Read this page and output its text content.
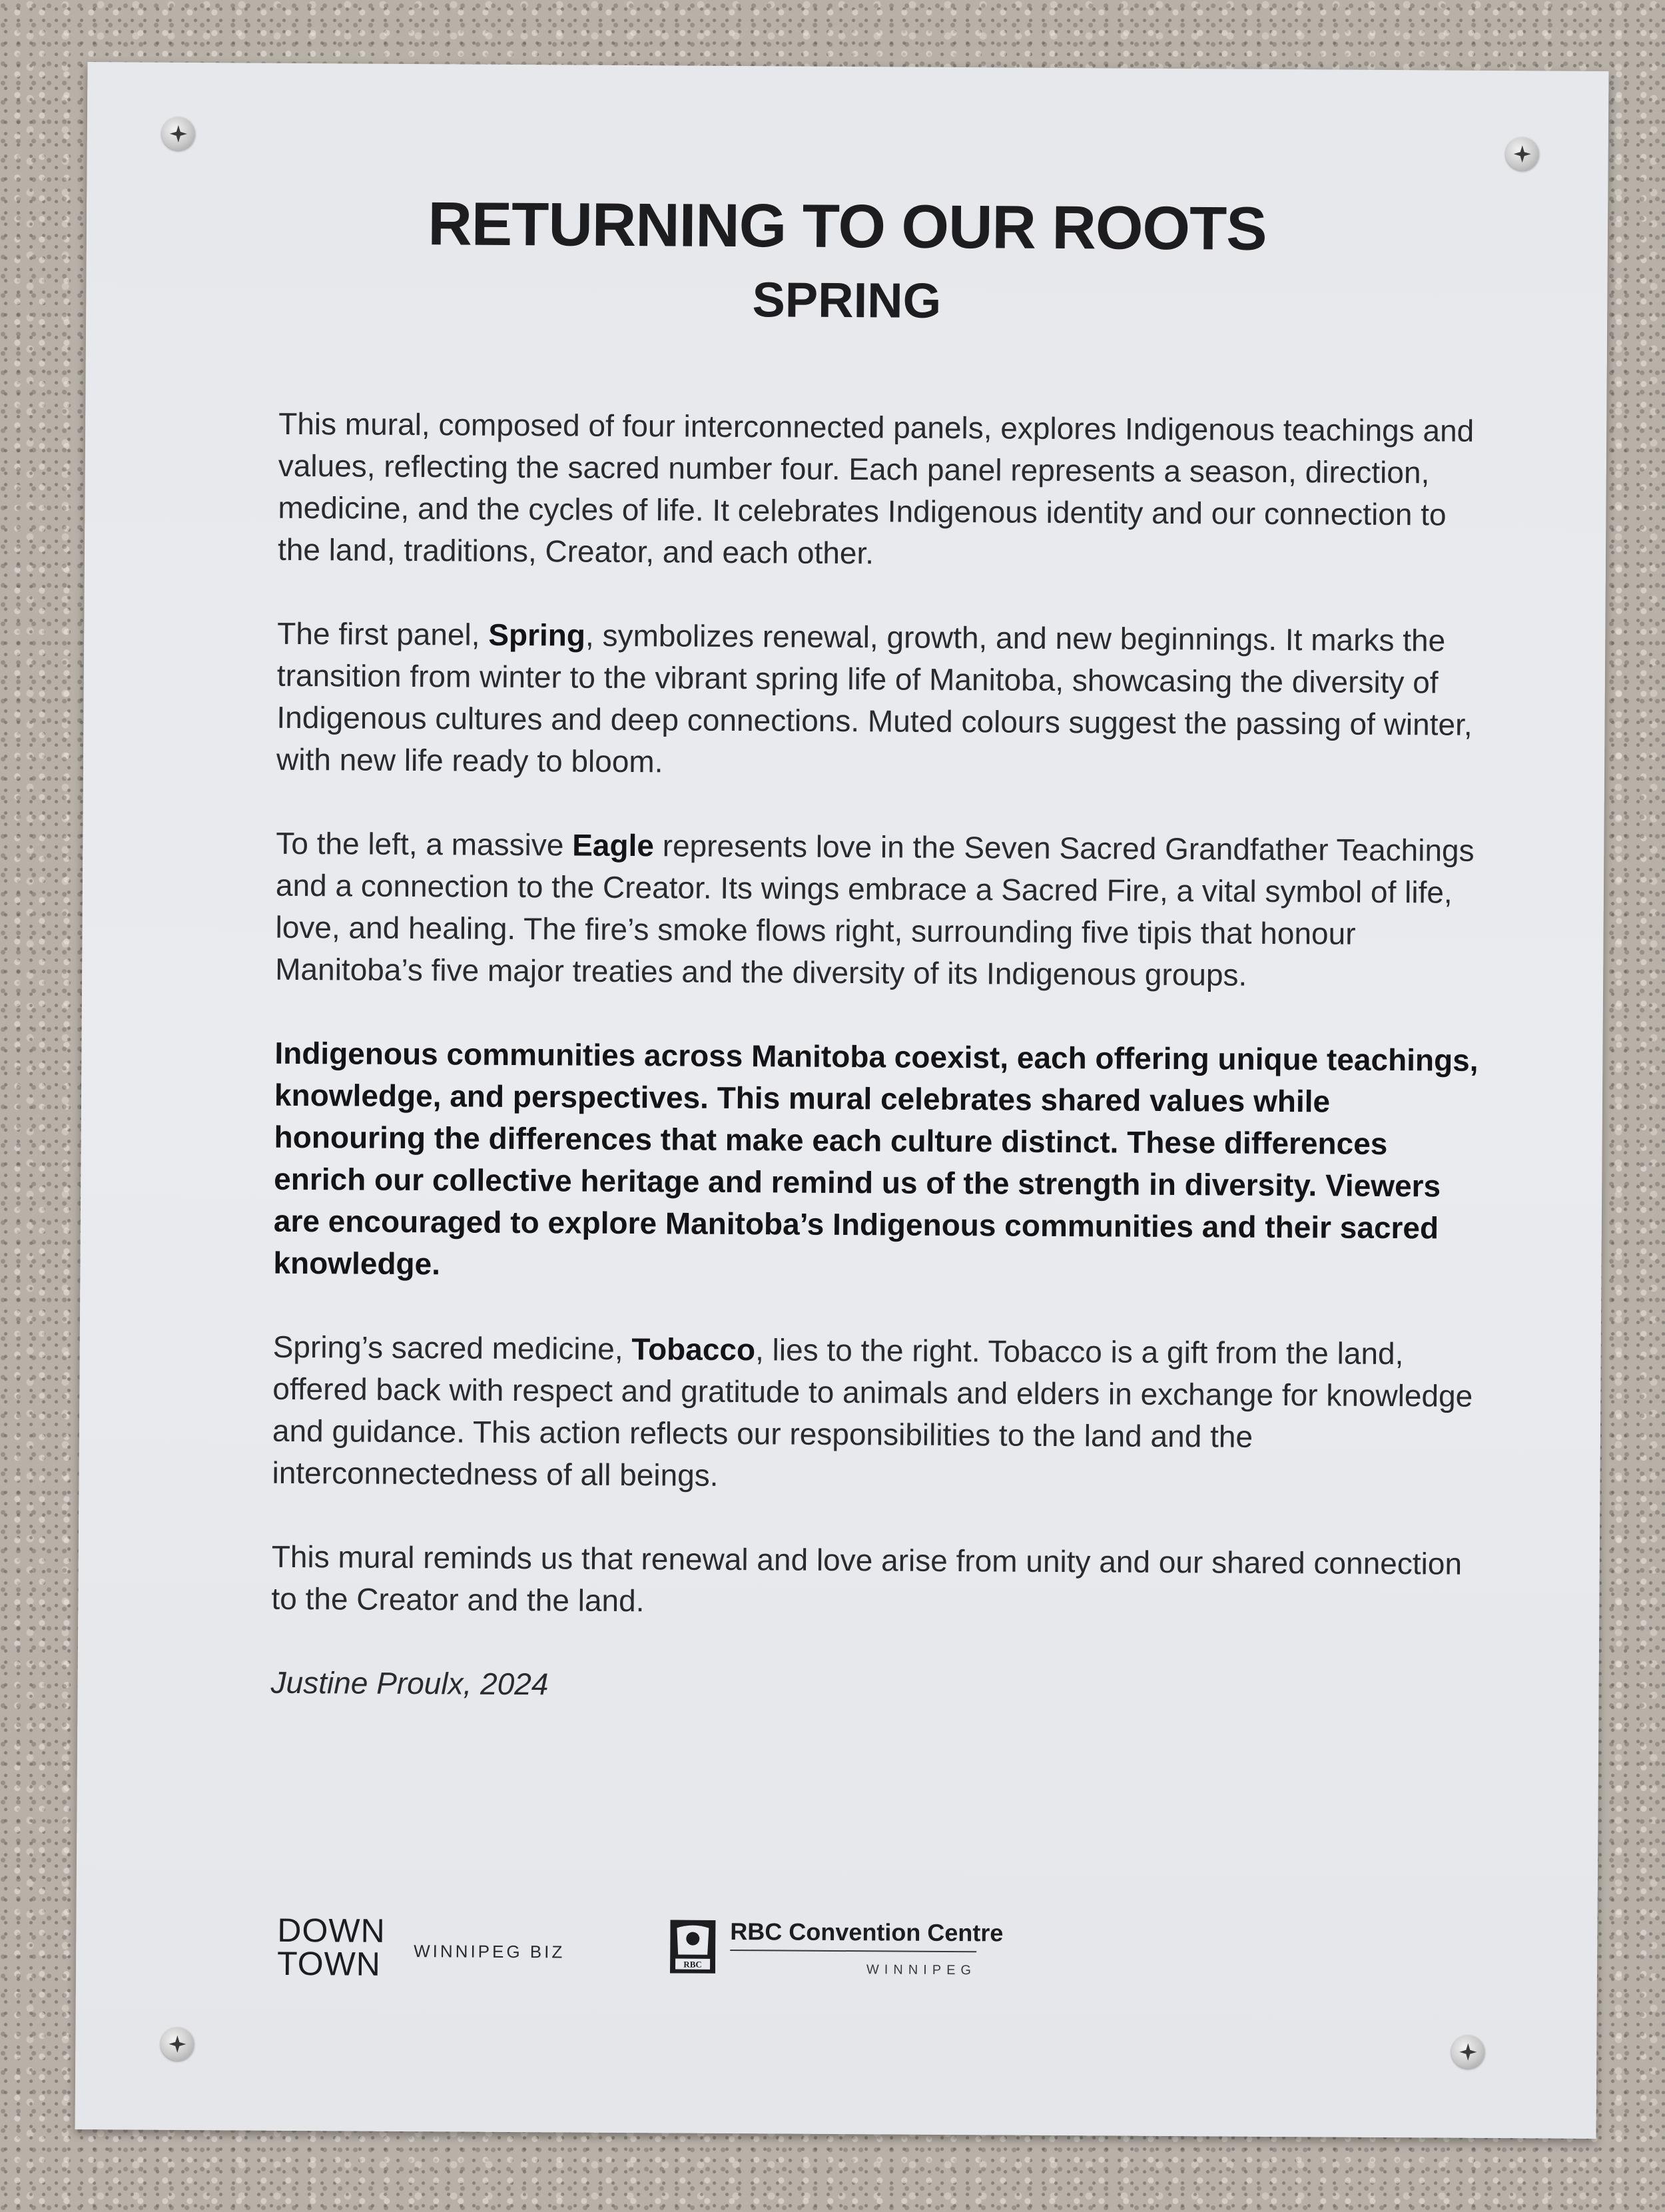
RETURNING TO OUR ROOTS
SPRING

This mural, composed of four interconnected panels, explores Indigenous teachings and values, reflecting the sacred number four. Each panel represents a season, direction, medicine, and the cycles of life. It celebrates Indigenous identity and our connection to the land, traditions, Creator, and each other.

The first panel, Spring, symbolizes renewal, growth, and new beginnings. It marks the transition from winter to the vibrant spring life of Manitoba, showcasing the diversity of Indigenous cultures and deep connections. Muted colours suggest the passing of winter, with new life ready to bloom.

To the left, a massive Eagle represents love in the Seven Sacred Grandfather Teachings and a connection to the Creator. Its wings embrace a Sacred Fire, a vital symbol of life, love, and healing. The fire’s smoke flows right, surrounding five tipis that honour Manitoba’s five major treaties and the diversity of its Indigenous groups.

Indigenous communities across Manitoba coexist, each offering unique teachings, knowledge, and perspectives. This mural celebrates shared values while honouring the differences that make each culture distinct. These differences enrich our collective heritage and remind us of the strength in diversity. Viewers are encouraged to explore Manitoba’s Indigenous communities and their sacred knowledge.

Spring’s sacred medicine, Tobacco, lies to the right. Tobacco is a gift from the land, offered back with respect and gratitude to animals and elders in exchange for knowledge and guidance. This action reflects our responsibilities to the land and the interconnectedness of all beings.

This mural reminds us that renewal and love arise from unity and our shared connection to the Creator and the land.

Justine Proulx, 2024

DOWN
TOWN WINNIPEG BIZ
RBC
RBC Convention Centre
WINNIPEG
